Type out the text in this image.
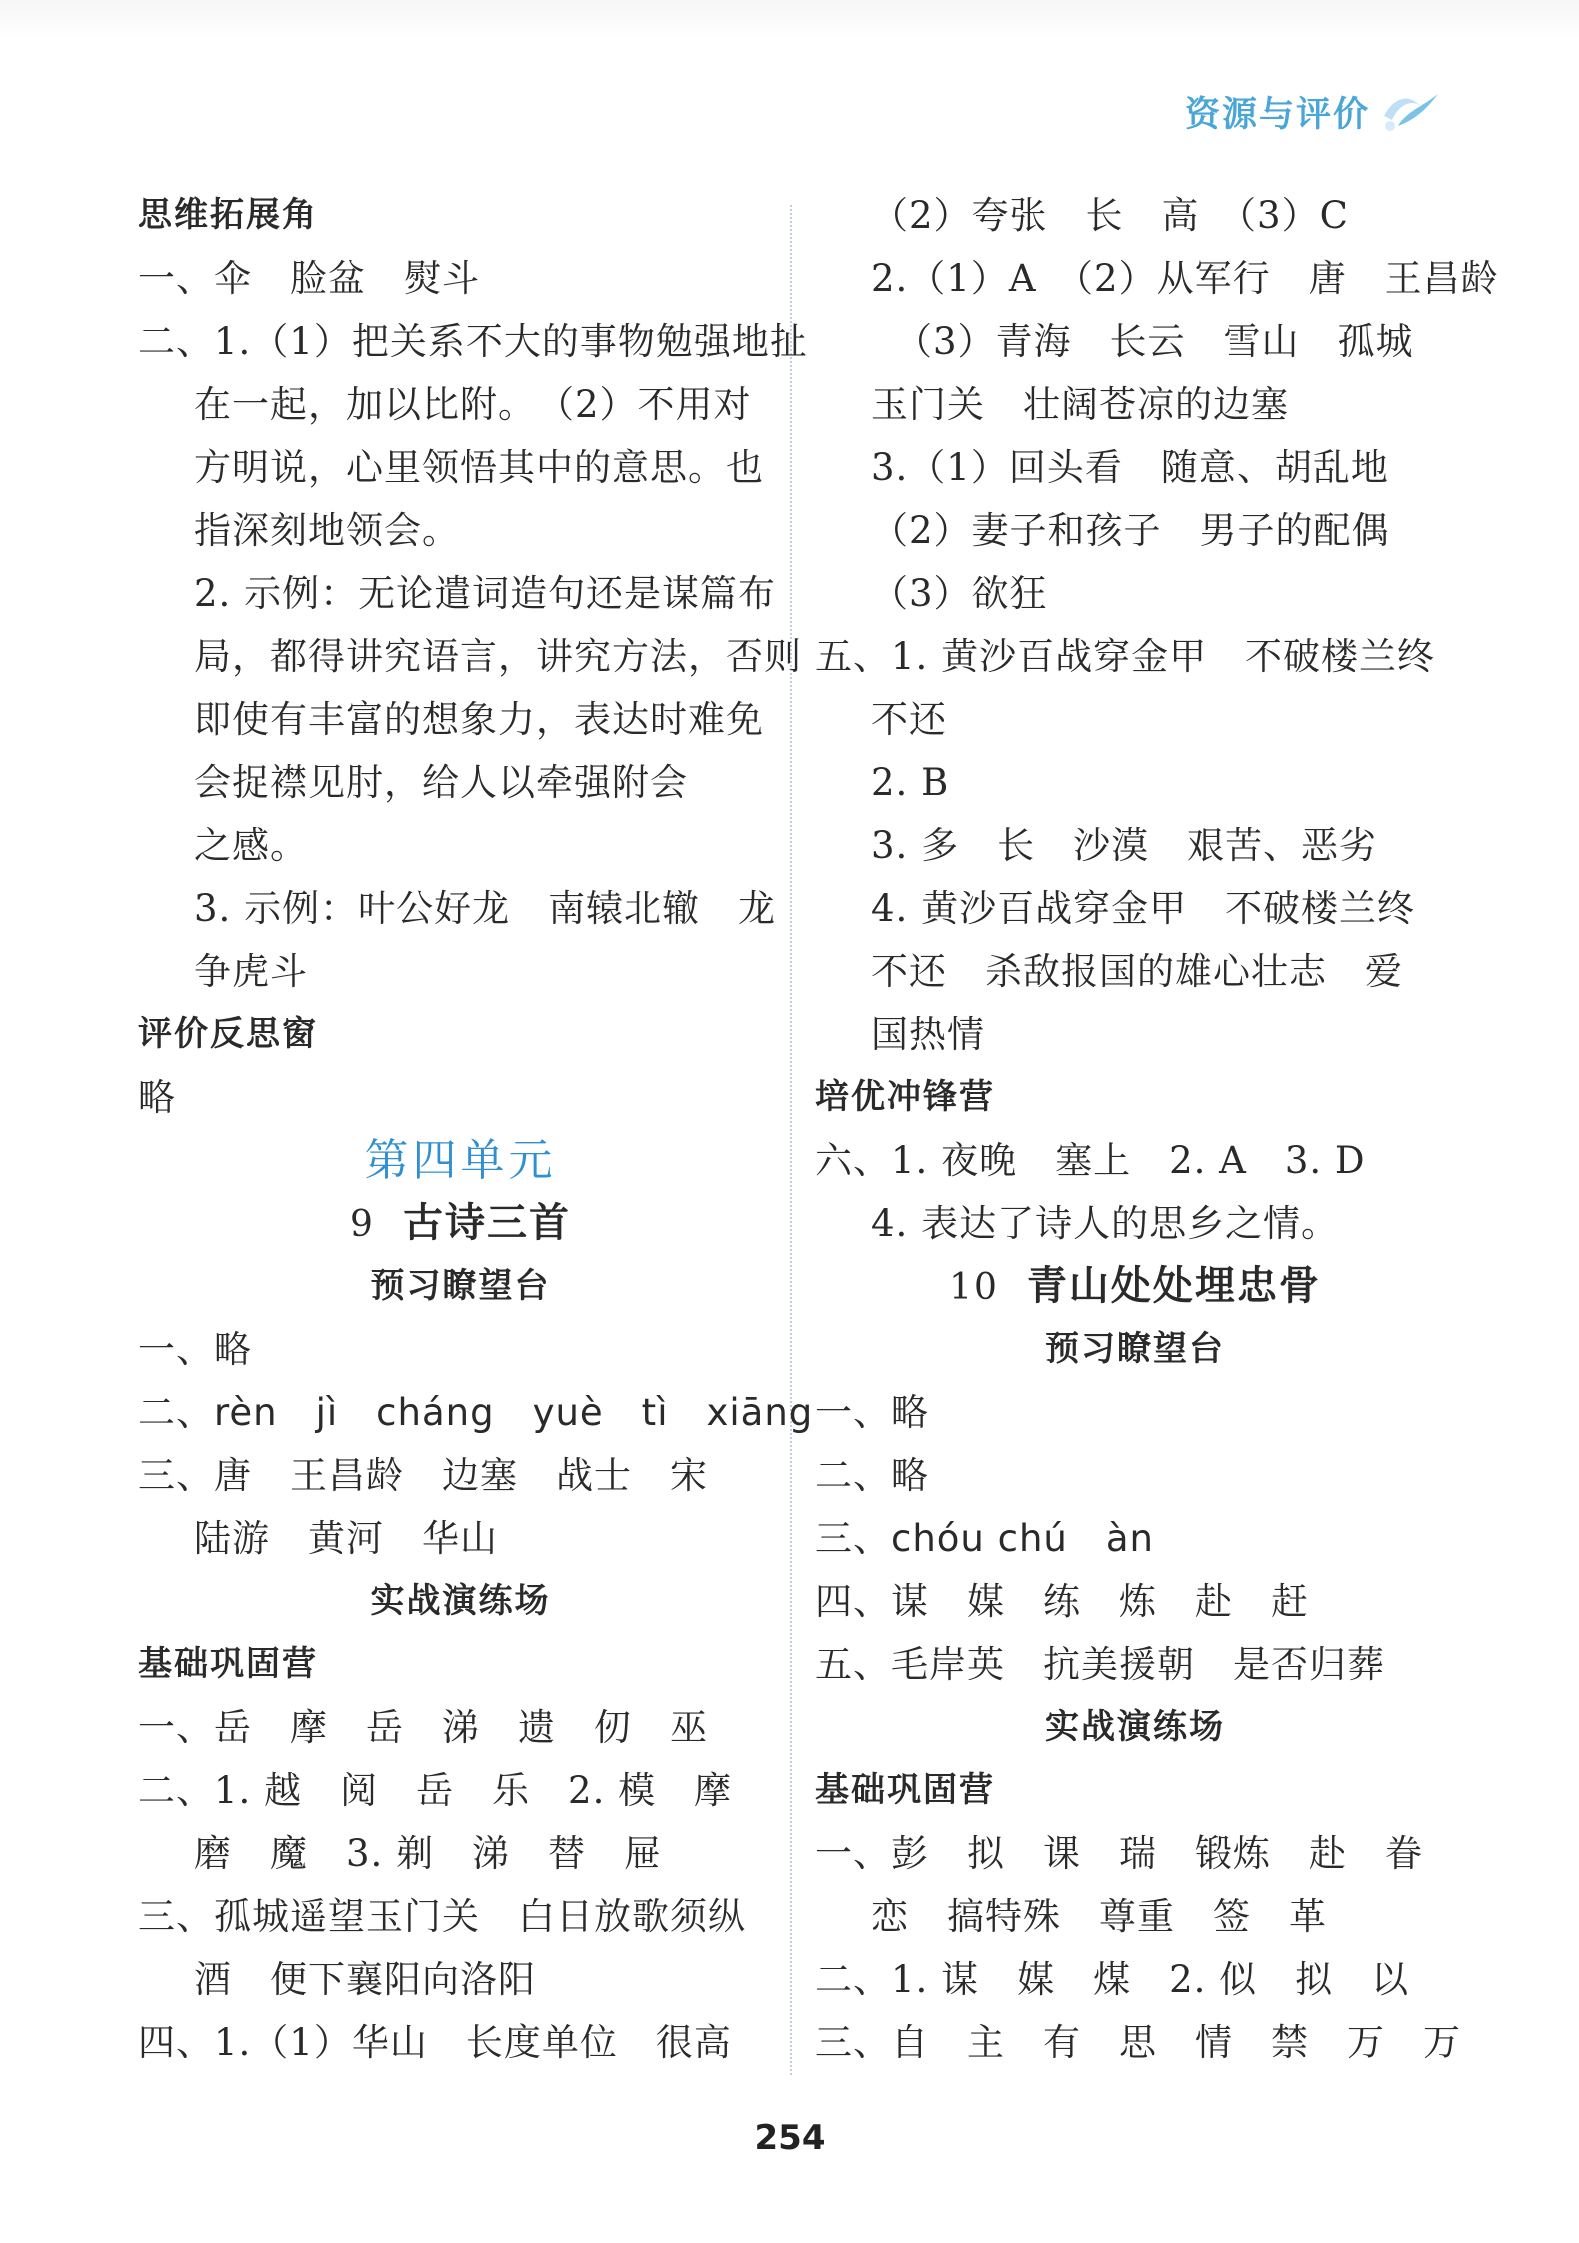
资源与评价
思维拓展角
一、伞　脸盆　熨斗
二、1.（1）把关系不大的事物勉强地扯
在一起，加以比附。　（2）不用对
方明说，心里领悟其中的意思。也
指深刻地领会。
2. 示例：无论遣词造句还是谋篇布
局，都得讲究语言，讲究方法，否则
即使有丰富的想象力，表达时难免
会捉襟见肘，给人以牵强附会
之感。
3. 示例：叶公好龙　南辕北辙　龙
争虎斗
评价反思窗
略
第四单元
9 古诗三首
预习瞭望台
一、略
二、rèn　jì　cháng　yuè　tì　xiāng
三、唐　王昌龄　边塞　战士　宋
陆游　黄河　华山
实战演练场
基础巩固营
一、岳　摩　岳　涕　遗　仞　巫
二、1. 越　阅　岳　乐　2. 模　摩
磨　魔　3. 剃　涕　替　屉
三、孤城遥望玉门关　白日放歌须纵
酒　便下襄阳向洛阳
四、1.（1）华山　长度单位　很高
（2）夸张　长　高　（3）C
2.（1）A　（2）从军行　唐　王昌龄
（3）青海　长云　雪山　孤城
玉门关　壮阔苍凉的边塞
3.（1）回头看　随意、胡乱地
（2）妻子和孩子　男子的配偶
（3）欲狂
五、1. 黄沙百战穿金甲　不破楼兰终
不还
2. B
3. 多　长　沙漠　艰苦、恶劣
4. 黄沙百战穿金甲　不破楼兰终
不还　杀敌报国的雄心壮志　爱
国热情
培优冲锋营
六、1. 夜晚　塞上　2. A　3. D
4. 表达了诗人的思乡之情。
10 青山处处埋忠骨
预习瞭望台
一、略
二、略
三、chóu chú　àn
四、谋　媒　练　炼　赴　赶
五、毛岸英　抗美援朝　是否归葬
实战演练场
基础巩固营
一、彭　拟　课　瑞　锻炼　赴　眷
恋　搞特殊　尊重　签　革
二、1. 谋　媒　煤　2. 似　拟　以
三、自　主　有　思　情　禁　万　万
254
